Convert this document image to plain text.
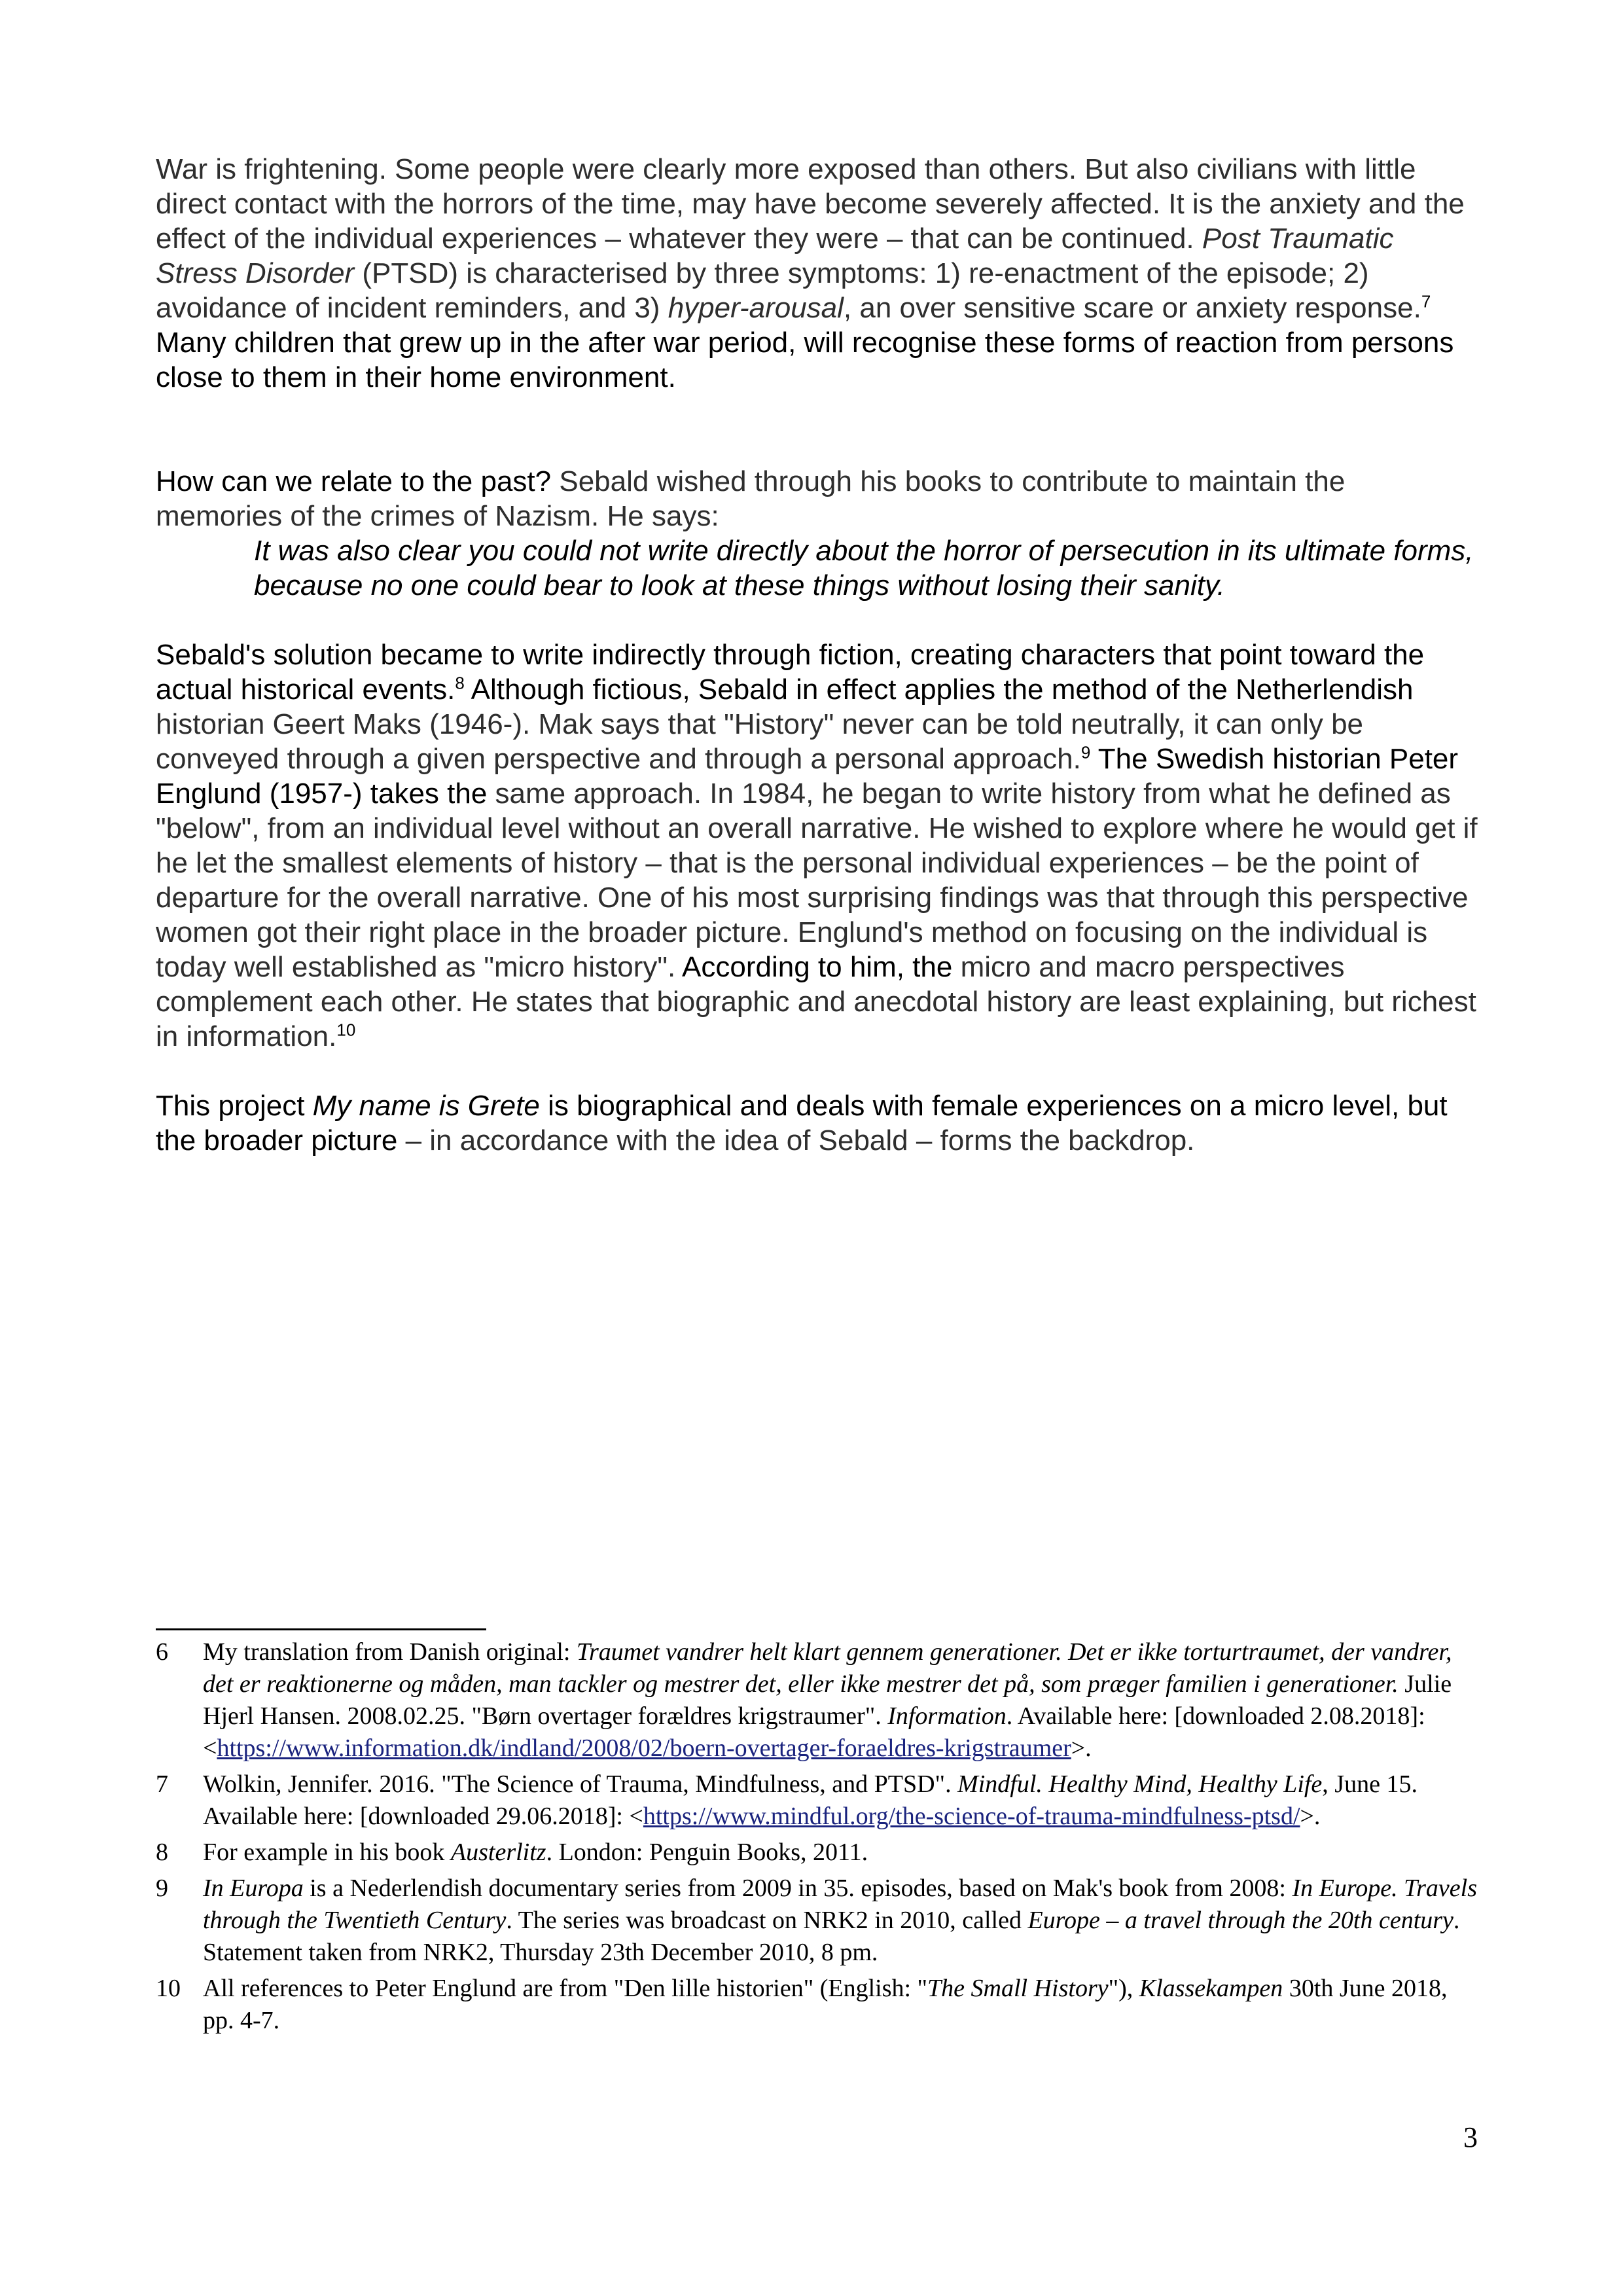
War is frightening. Some people were clearly more exposed than others. But also civilians with little direct contact with the horrors of the time, may have become severely affected. It is the anxiety and the effect of the individual experiences – whatever they were – that can be continued. Post Traumatic Stress Disorder (PTSD) is characterised by three symptoms: 1) re-enactment of the episode; 2) avoidance of incident reminders, and 3) hyper-arousal, an over sensitive scare or anxiety response.$^7$ Many children that grew up in the after war period, will recognise these forms of reaction from persons close to them in their home environment.

How can we relate to the past? Sebald wished through his books to contribute to maintain the memories of the crimes of Nazism. He says:

It was also clear you could not write directly about the horror of persecution in its ultimate forms, because no one could bear to look at these things without losing their sanity.

Sebald's solution became to write indirectly through fiction, creating characters that point toward the actual historical events.$^8$ Although fictious, Sebald in effect applies the method of the Netherlendish historian Geert Maks (1946-). Mak says that "History" never can be told neutrally, it can only be conveyed through a given perspective and through a personal approach.$^9$ The Swedish historian Peter Englund (1957-) takes the same approach. In 1984, he began to write history from what he defined as "below", from an individual level without an overall narrative. He wished to explore where he would get if he let the smallest elements of history – that is the personal individual experiences – be the point of departure for the overall narrative. One of his most surprising findings was that through this perspective women got their right place in the broader picture. Englund's method on focusing on the individual is today well established as "micro history". According to him, the micro and macro perspectives complement each other. He states that biographic and anecdotal history are least explaining, but richest in information.$^{10}$

This project My name is Grete is biographical and deals with female experiences on a micro level, but the broader picture – in accordance with the idea of Sebald – forms the backdrop.

6 My translation from Danish original: Traumet vandrer helt klart gennem generationer. Det er ikke torturtraumet, der vandrer, det er reaktionerne og måden, man tackler og mestrer det, eller ikke mestrer det på, som præger familien i generationer. Julie Hjerl Hansen. 2008.02.25. "Børn overtager forældres krigstraumer". Information. Available here: [downloaded 2.08.2018]: <https://www.information.dk/indland/2008/02/boern-overtager-foraeldres-krigstraumer>.
7 Wolkin, Jennifer. 2016. "The Science of Trauma, Mindfulness, and PTSD". Mindful. Healthy Mind, Healthy Life, June 15. Available here: [downloaded 29.06.2018]: <https://www.mindful.org/the-science-of-trauma-mindfulness-ptsd/>.
8 For example in his book Austerlitz. London: Penguin Books, 2011.
9 In Europa is a Nederlendish documentary series from 2009 in 35. episodes, based on Mak's book from 2008: In Europe. Travels through the Twentieth Century. The series was broadcast on NRK2 in 2010, called Europe – a travel through the 20th century. Statement taken from NRK2, Thursday 23th December 2010, 8 pm.
10 All references to Peter Englund are from "Den lille historien" (English: "The Small History"), Klassekampen 30th June 2018, pp. 4-7.
3
